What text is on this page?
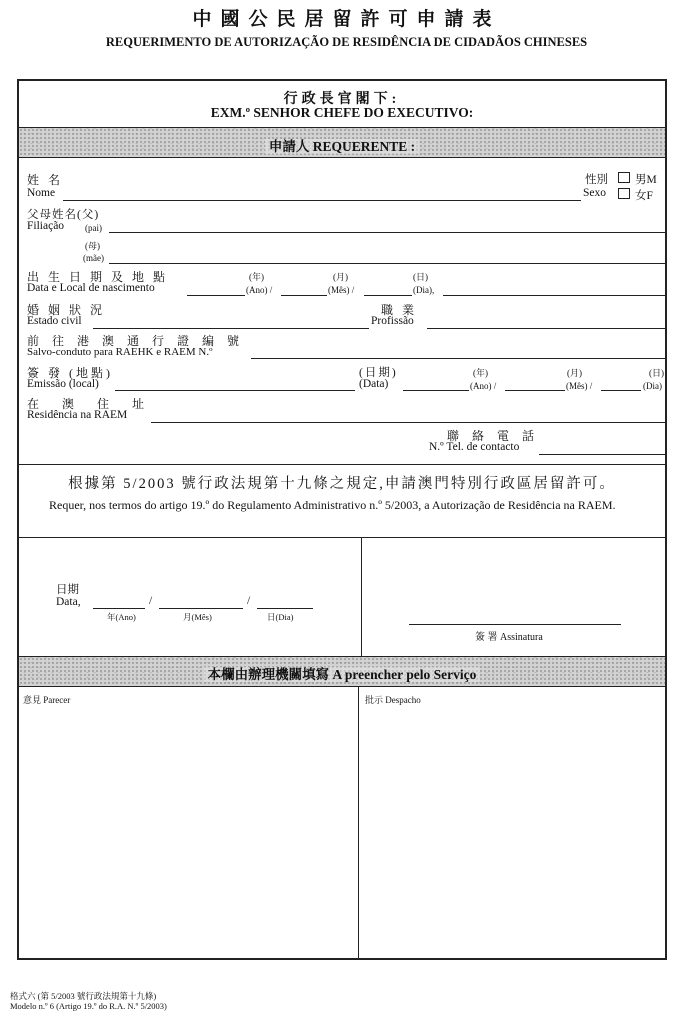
中國公民居留許可申請表
REQUERIMENTO DE AUTORIZAÇÃO DE RESIDÊNCIA DE CIDADÃOS CHINESES
行政長官閣下:
EXM.º SENHOR CHEFE DO EXECUTIVO:
申請人 REQUERENTE :
姓 名
Nome
性別
Sexo
男M
女F
父母姓名(父)
Filiação (pai)
(母)
(mãe)
出 生 日 期 及 地 點	(年)	(月)	(日)
Data e Local de nascimento	(Ano) /	(Mês) /	(Dia),
婚 姻 狀 況
Estado civil
職 業
Profissão
前 往 港 澳 通 行 證 編 號
Salvo-conduto para RAEHK e RAEM N.º
簽 發 (地點)	(日期)	(年)	(月)	(日)
Emissão (local)	(Data)	(Ano) /	(Mês) /	(Dia)
在 澳 住 址
Residência na RAEM
聯 絡 電 話
N.º Tel. de contacto
根據第 5/2003 號行政法規第十九條之規定,申請澳門特別行政區居留許可。
Requer, nos termos do artigo 19.º do Regulamento Administrativo n.º 5/2003, a Autorização de Residência na RAEM.
日期
Data,	/	/
年(Ano)	月(Mês)	日(Dia)
簽 署 Assinatura
本欄由辦理機關填寫 A preencher pelo Serviço
意見 Parecer	批示 Despacho
格式六 (第 5/2003 號行政法規第十九條)
Modelo n.º 6 (Artigo 19.º do R.A. N.º 5/2003)
